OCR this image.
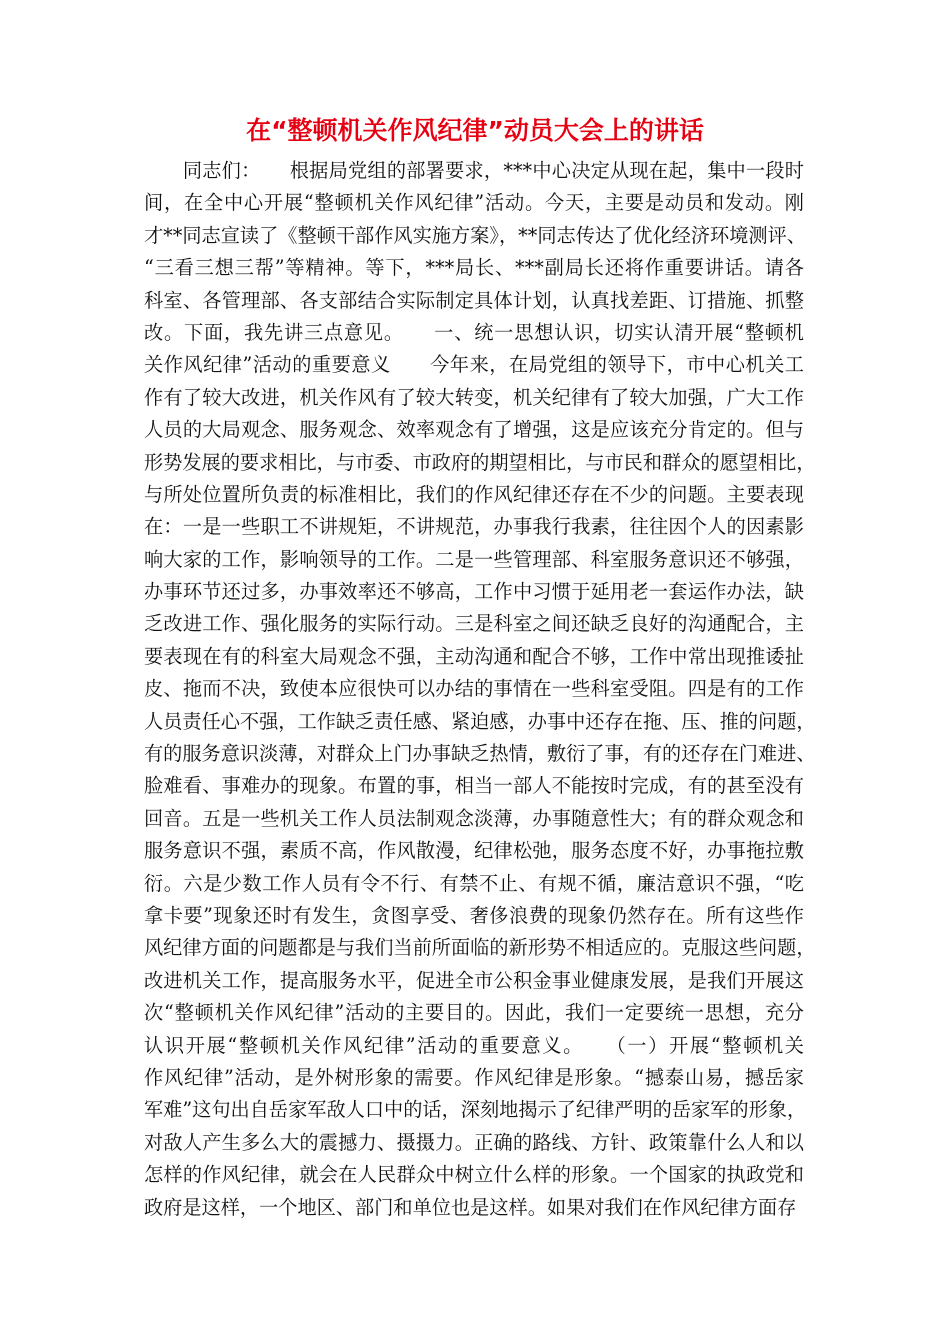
在“整顿机关作风纪律”动员大会上的讲话
　　同志们：　　根据局党组的部署要求，***中心决定从现在起，集中一段时
间，在全中心开展“整顿机关作风纪律”活动。今天，主要是动员和发动。刚
才**同志宣读了《整顿干部作风实施方案》，**同志传达了优化经济环境测评、
“三看三想三帮”等精神。等下，***局长、***副局长还将作重要讲话。请各
科室、各管理部、各支部结合实际制定具体计划，认真找差距、订措施、抓整
改。下面，我先讲三点意见。　　一、统一思想认识，切实认清开展“整顿机
关作风纪律”活动的重要意义　　今年来，在局党组的领导下，市中心机关工
作有了较大改进，机关作风有了较大转变，机关纪律有了较大加强，广大工作
人员的大局观念、服务观念、效率观念有了增强，这是应该充分肯定的。但与
形势发展的要求相比，与市委、市政府的期望相比，与市民和群众的愿望相比，
与所处位置所负责的标准相比，我们的作风纪律还存在不少的问题。主要表现
在：一是一些职工不讲规矩，不讲规范，办事我行我素，往往因个人的因素影
响大家的工作，影响领导的工作。二是一些管理部、科室服务意识还不够强，
办事环节还过多，办事效率还不够高，工作中习惯于延用老一套运作办法，缺
乏改进工作、强化服务的实际行动。三是科室之间还缺乏良好的沟通配合，主
要表现在有的科室大局观念不强，主动沟通和配合不够，工作中常出现推诿扯
皮、拖而不决，致使本应很快可以办结的事情在一些科室受阻。四是有的工作
人员责任心不强，工作缺乏责任感、紧迫感，办事中还存在拖、压、推的问题，
有的服务意识淡薄，对群众上门办事缺乏热情，敷衍了事，有的还存在门难进、
脸难看、事难办的现象。布置的事，相当一部人不能按时完成，有的甚至没有
回音。五是一些机关工作人员法制观念淡薄，办事随意性大；有的群众观念和
服务意识不强，素质不高，作风散漫，纪律松弛，服务态度不好，办事拖拉敷
衍。六是少数工作人员有令不行、有禁不止、有规不循，廉洁意识不强，“吃
拿卡要”现象还时有发生，贪图享受、奢侈浪费的现象仍然存在。所有这些作
风纪律方面的问题都是与我们当前所面临的新形势不相适应的。克服这些问题，
改进机关工作，提高服务水平，促进全市公积金事业健康发展，是我们开展这
次“整顿机关作风纪律”活动的主要目的。因此，我们一定要统一思想，充分
认识开展“整顿机关作风纪律”活动的重要意义。　　（一）开展“整顿机关
作风纪律”活动，是外树形象的需要。作风纪律是形象。“撼泰山易，撼岳家
军难”这句出自岳家军敌人口中的话，深刻地揭示了纪律严明的岳家军的形象，
对敌人产生多么大的震撼力、摄摄力。正确的路线、方针、政策靠什么人和以
怎样的作风纪律，就会在人民群众中树立什么样的形象。一个国家的执政党和
政府是这样，一个地区、部门和单位也是这样。如果对我们在作风纪律方面存
